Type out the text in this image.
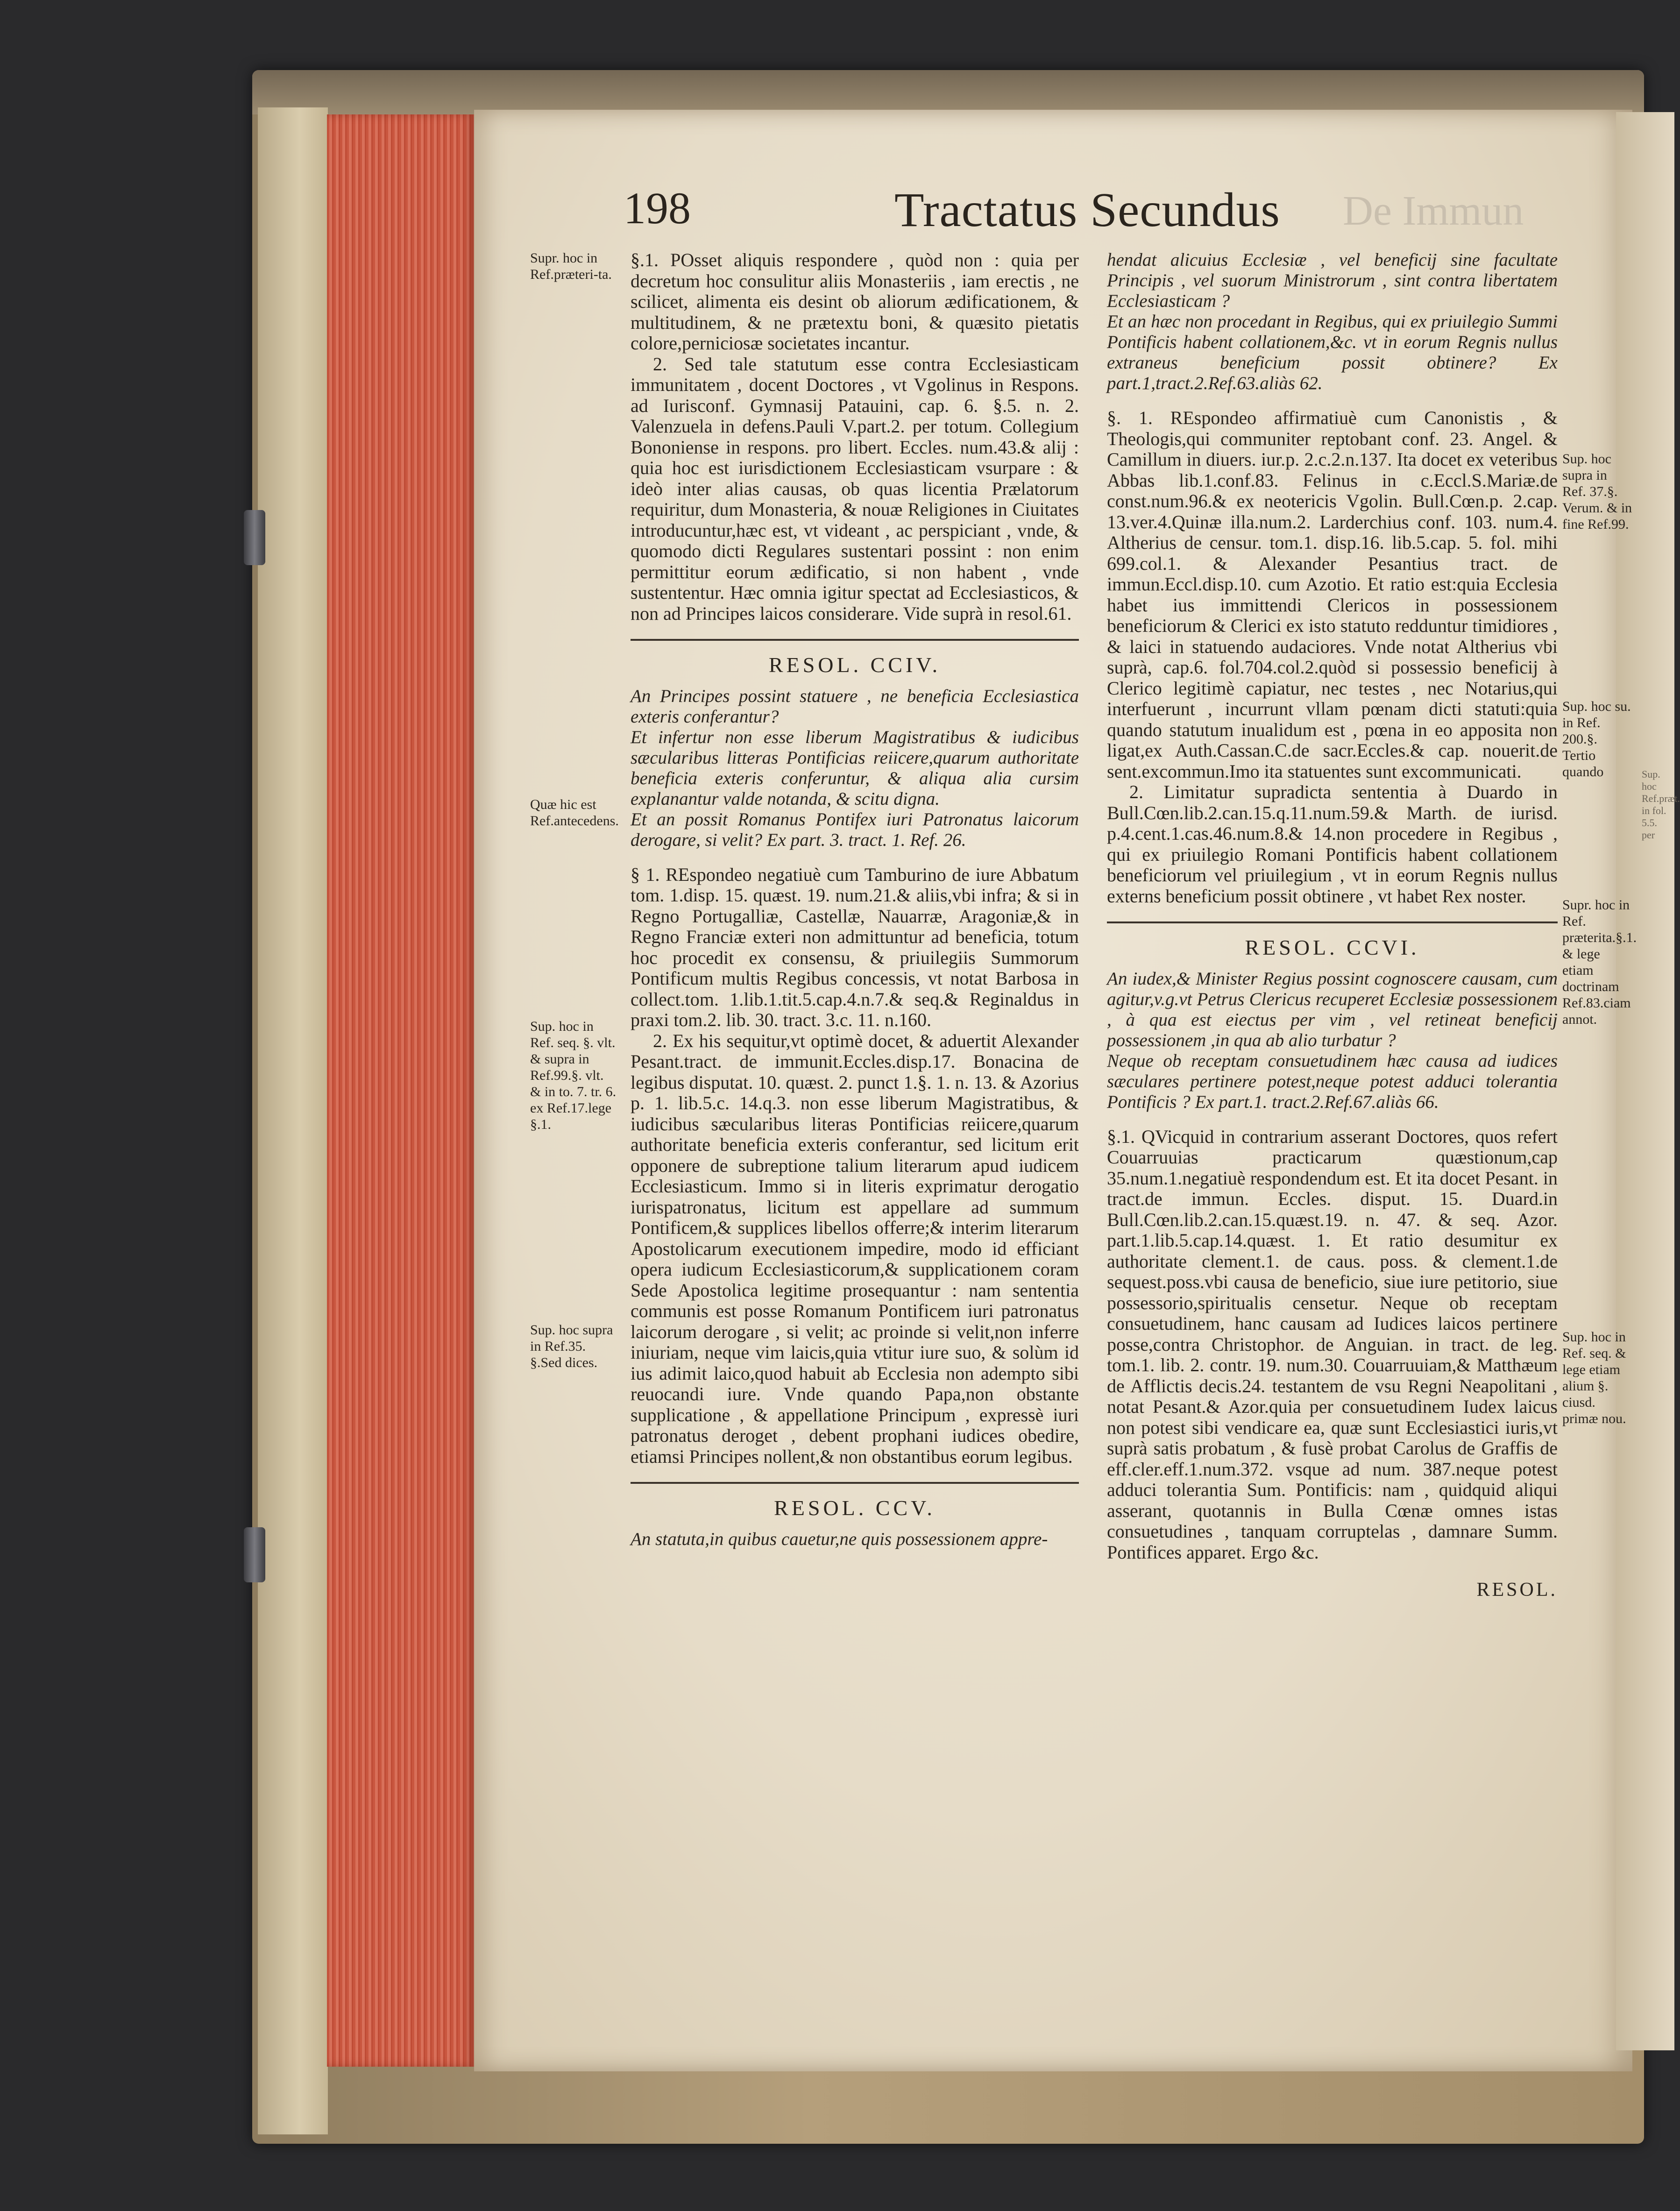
198	Tractatus Secundus De Immun
Supr. hoc in Ref.præteri-ta.
Quæ hic est Ref.antecedens.
Sup. hoc in Ref. seq. §. vlt. & supra in Ref.99.§. vlt. & in to. 7. tr. 6. ex Ref.17.lege §.1.
Sup. hoc supra in Ref.35. §.Sed dices.
Sup. hoc supra in Ref. 37.§. Verum. & in fine Ref.99.
Sup. hoc su. in Ref. 200.§. Tertio quando
Supr. hoc in Ref. præterita.§.1. & lege etiam doctrinam Ref.83.ciam annot.
Sup. hoc in Ref. seq. & lege etiam alium §. ciusd. primæ nou.
Sup. hoc Ref.præt. in fol. 5.5. per

§.1. POsset aliquis respondere , quòd non : quia per decretum hoc consulitur aliis Monasteriis , iam erectis , ne scilicet, alimenta eis desint ob aliorum ædificationem, & multitudinem, & ne prætextu boni, & quæsito pietatis colore,perniciosæ societates incantur.

2. Sed tale statutum esse contra Ecclesiasticam immunitatem , docent Doctores , vt Vgolinus in Respons. ad Iurisconf. Gymnasij Patauini, cap. 6. §.5. n. 2. Valenzuela in defens.Pauli V.part.2. per totum. Collegium Bononiense in respons. pro libert. Eccles. num.43.& alij : quia hoc est iurisdictionem Ecclesiasticam vsurpare : & ideò inter alias causas, ob quas licentia Prælatorum requiritur, dum Monasteria, & nouæ Religiones in Ciuitates introducuntur,hæc est, vt videant , ac perspiciant , vnde, & quomodo dicti Regulares sustentari possint : non enim permittitur eorum ædificatio, si non habent , vnde sustententur. Hæc omnia igitur spectat ad Ecclesiasticos, & non ad Principes laicos considerare. Vide suprà in resol.61.

RESOL. CCIV.

An Principes possint statuere , ne beneficia Ecclesiastica exteris conferantur?

Et infertur non esse liberum Magistratibus & iudicibus sæcularibus litteras Pontificias reiicere,quarum authoritate beneficia exteris conferuntur, & aliqua alia cursim explanantur valde notanda, & scitu digna.

Et an possit Romanus Pontifex iuri Patronatus laicorum derogare, si velit? Ex part. 3. tract. 1. Ref. 26.

§ 1. REspondeo negatiuè cum Tamburino de iure Abbatum tom. 1.disp. 15. quæst. 19. num.21.& aliis,vbi infra; & si in Regno Portugalliæ, Castellæ, Nauarræ, Aragoniæ,& in Regno Franciæ exteri non admittuntur ad beneficia, totum hoc procedit ex consensu, & priuilegiis Summorum Pontificum multis Regibus concessis, vt notat Barbosa in collect.tom. 1.lib.1.tit.5.cap.4.n.7.& seq.& Reginaldus in praxi tom.2. lib. 30. tract. 3.c. 11. n.160.

2. Ex his sequitur,vt optimè docet, & aduertit Alexander Pesant.tract. de immunit.Eccles.disp.17. Bonacina de legibus disputat. 10. quæst. 2. punct 1.§. 1. n. 13. & Azorius p. 1. lib.5.c. 14.q.3. non esse liberum Magistratibus, & iudicibus sæcularibus literas Pontificias reiicere,quarum authoritate beneficia exteris conferantur, sed licitum erit opponere de subreptione talium literarum apud iudicem Ecclesiasticum. Immo si in literis exprimatur derogatio iurispatronatus, licitum est appellare ad summum Pontificem,& supplices libellos offerre;& interim literarum Apostolicarum executionem impedire, modo id efficiant opera iudicum Ecclesiasticorum,& supplicationem coram Sede Apostolica legitime prosequantur : nam sententia communis est posse Romanum Pontificem iuri patronatus laicorum derogare , si velit; ac proinde si velit,non inferre iniuriam, neque vim laicis,quia vtitur iure suo, & solùm id ius adimit laico,quod habuit ab Ecclesia non adempto sibi reuocandi iure. Vnde quando Papa,non obstante supplicatione , & appellatione Principum , expressè iuri patronatus deroget , debent prophani iudices obedire, etiamsi Principes nollent,& non obstantibus eorum legibus.

RESOL. CCV.

An statuta,in quibus cauetur,ne quis possessionem appre-

hendat alicuius Ecclesiæ , vel beneficij sine facultate Principis , vel suorum Ministrorum , sint contra libertatem Ecclesiasticam ?

Et an hæc non procedant in Regibus, qui ex priuilegio Summi Pontificis habent collationem,&c. vt in eorum Regnis nullus extraneus beneficium possit obtinere? Ex part.1,tract.2.Ref.63.aliàs 62.

§. 1. REspondeo affirmatiuè cum Canonistis , & Theologis,qui communiter reptobant conf. 23. Angel. & Camillum in diuers. iur.p. 2.c.2.n.137. Ita docet ex veteribus Abbas lib.1.conf.83. Felinus in c.Eccl.S.Mariæ.de const.num.96.& ex neotericis Vgolin. Bull.Cœn.p. 2.cap. 13.ver.4.Quinæ illa.num.2. Larderchius conf. 103. num.4. Altherius de censur. tom.1. disp.16. lib.5.cap. 5. fol. mihi 699.col.1. & Alexander Pesantius tract. de immun.Eccl.disp.10. cum Azotio. Et ratio est:quia Ecclesia habet ius immittendi Clericos in possessionem beneficiorum & Clerici ex isto statuto redduntur timidiores , & laici in statuendo audaciores. Vnde notat Altherius vbi suprà, cap.6. fol.704.col.2.quòd si possessio beneficij à Clerico legitimè capiatur, nec testes , nec Notarius,qui interfuerunt , incurrunt vllam pœnam dicti statuti:quia quando statutum inualidum est , pœna in eo apposita non ligat,ex Auth.Cassan.C.de sacr.Eccles.& cap. nouerit.de sent.excommun.Imo ita statuentes sunt excommunicati.

2. Limitatur supradicta sententia à Duardo in Bull.Cœn.lib.2.can.15.q.11.num.59.& Marth. de iurisd. p.4.cent.1.cas.46.num.8.& 14.non procedere in Regibus , qui ex priuilegio Romani Pontificis habent collationem beneficiorum vel priuilegium , vt in eorum Regnis nullus externs beneficium possit obtinere , vt habet Rex noster.

RESOL. CCVI.

An iudex,& Minister Regius possint cognoscere causam, cum agitur,v.g.vt Petrus Clericus recuperet Ecclesiæ possessionem , à qua est eiectus per vim , vel retineat beneficij possessionem ,in qua ab alio turbatur ?

Neque ob receptam consuetudinem hæc causa ad iudices sæculares pertinere potest,neque potest adduci tolerantia Pontificis ? Ex part.1. tract.2.Ref.67.aliàs 66.

§.1. QVicquid in contrarium asserant Doctores, quos refert Couarruuias practicarum quæstionum,cap 35.num.1.negatiuè respondendum est. Et ita docet Pesant. in tract.de immun. Eccles. disput. 15. Duard.in Bull.Cœn.lib.2.can.15.quæst.19. n. 47. & seq. Azor. part.1.lib.5.cap.14.quæst. 1. Et ratio desumitur ex authoritate clement.1. de caus. poss. & clement.1.de sequest.poss.vbi causa de beneficio, siue iure petitorio, siue possessorio,spiritualis censetur. Neque ob receptam consuetudinem, hanc causam ad Iudices laicos pertinere posse,contra Christophor. de Anguian. in tract. de leg. tom.1. lib. 2. contr. 19. num.30. Couarruuiam,& Matthæum de Afflictis decis.24. testantem de vsu Regni Neapolitani , notat Pesant.& Azor.quia per consuetudinem Iudex laicus non potest sibi vendicare ea, quæ sunt Ecclesiastici iuris,vt suprà satis probatum , & fusè probat Carolus de Graffis de eff.cler.eff.1.num.372. vsque ad num. 387.neque potest adduci tolerantia Sum. Pontificis: nam , quidquid aliqui asserant, quotannis in Bulla Cœnæ omnes istas consuetudines , tanquam corruptelas , damnare Summ. Pontifices apparet. Ergo &c.

RESOL.
